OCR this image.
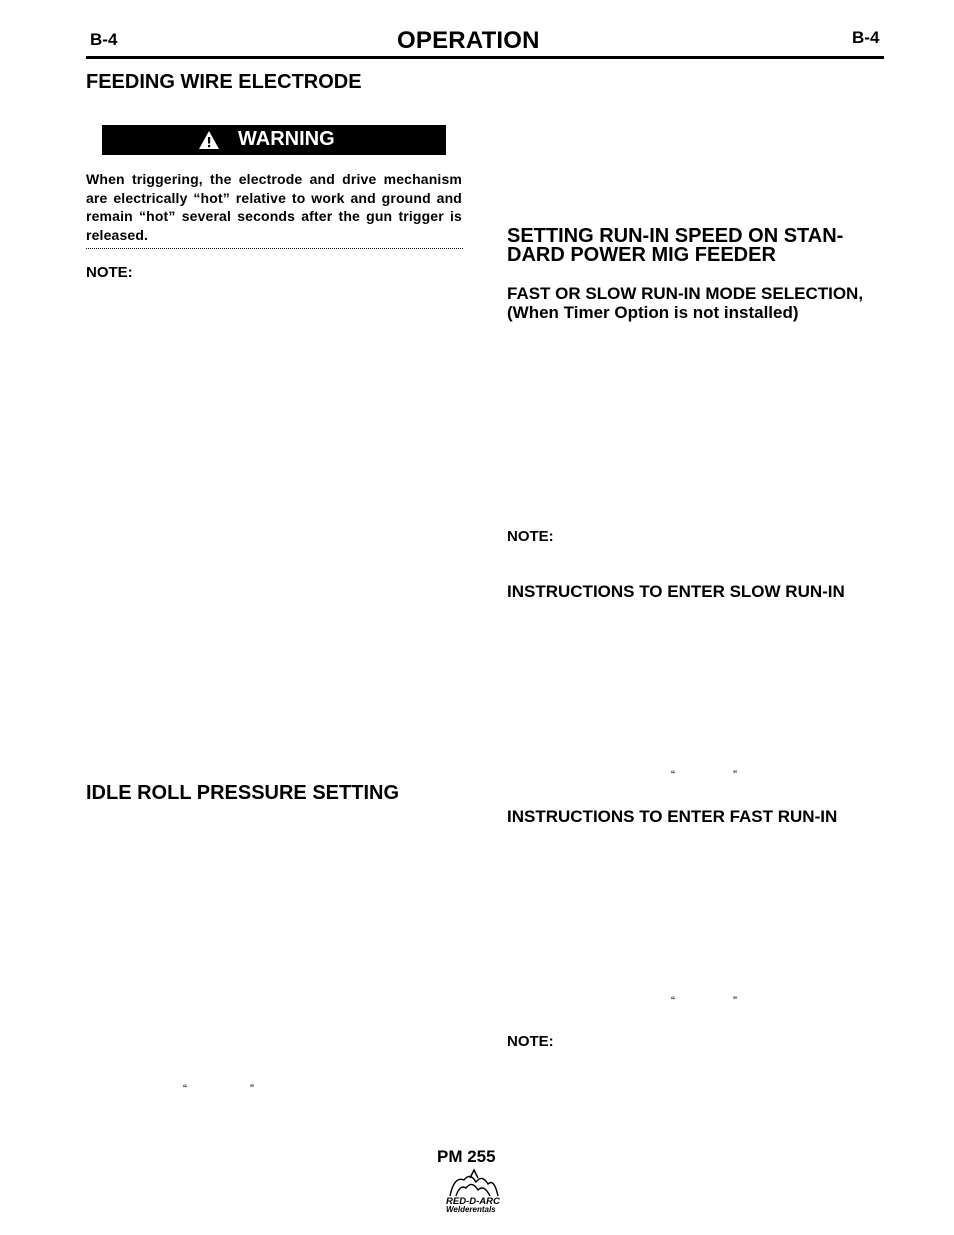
B-4	OPERATION	B-4
FEEDING WIRE ELECTRODE
WARNING
When triggering, the electrode and drive mechanism are electrically “hot” relative to work and ground and remain “hot” several seconds after the gun trigger is released.
NOTE:
IDLE ROLL PRESSURE SETTING
“	”
SETTING RUN-IN SPEED ON STAN-
DARD POWER MIG FEEDER
FAST OR SLOW RUN-IN MODE SELECTION,
(When Timer Option is not installed)
NOTE:
INSTRUCTIONS TO ENTER SLOW RUN-IN
“	”
INSTRUCTIONS TO ENTER FAST RUN-IN
“	”
NOTE:
PM 255
RED-D-ARC
Welderentals
